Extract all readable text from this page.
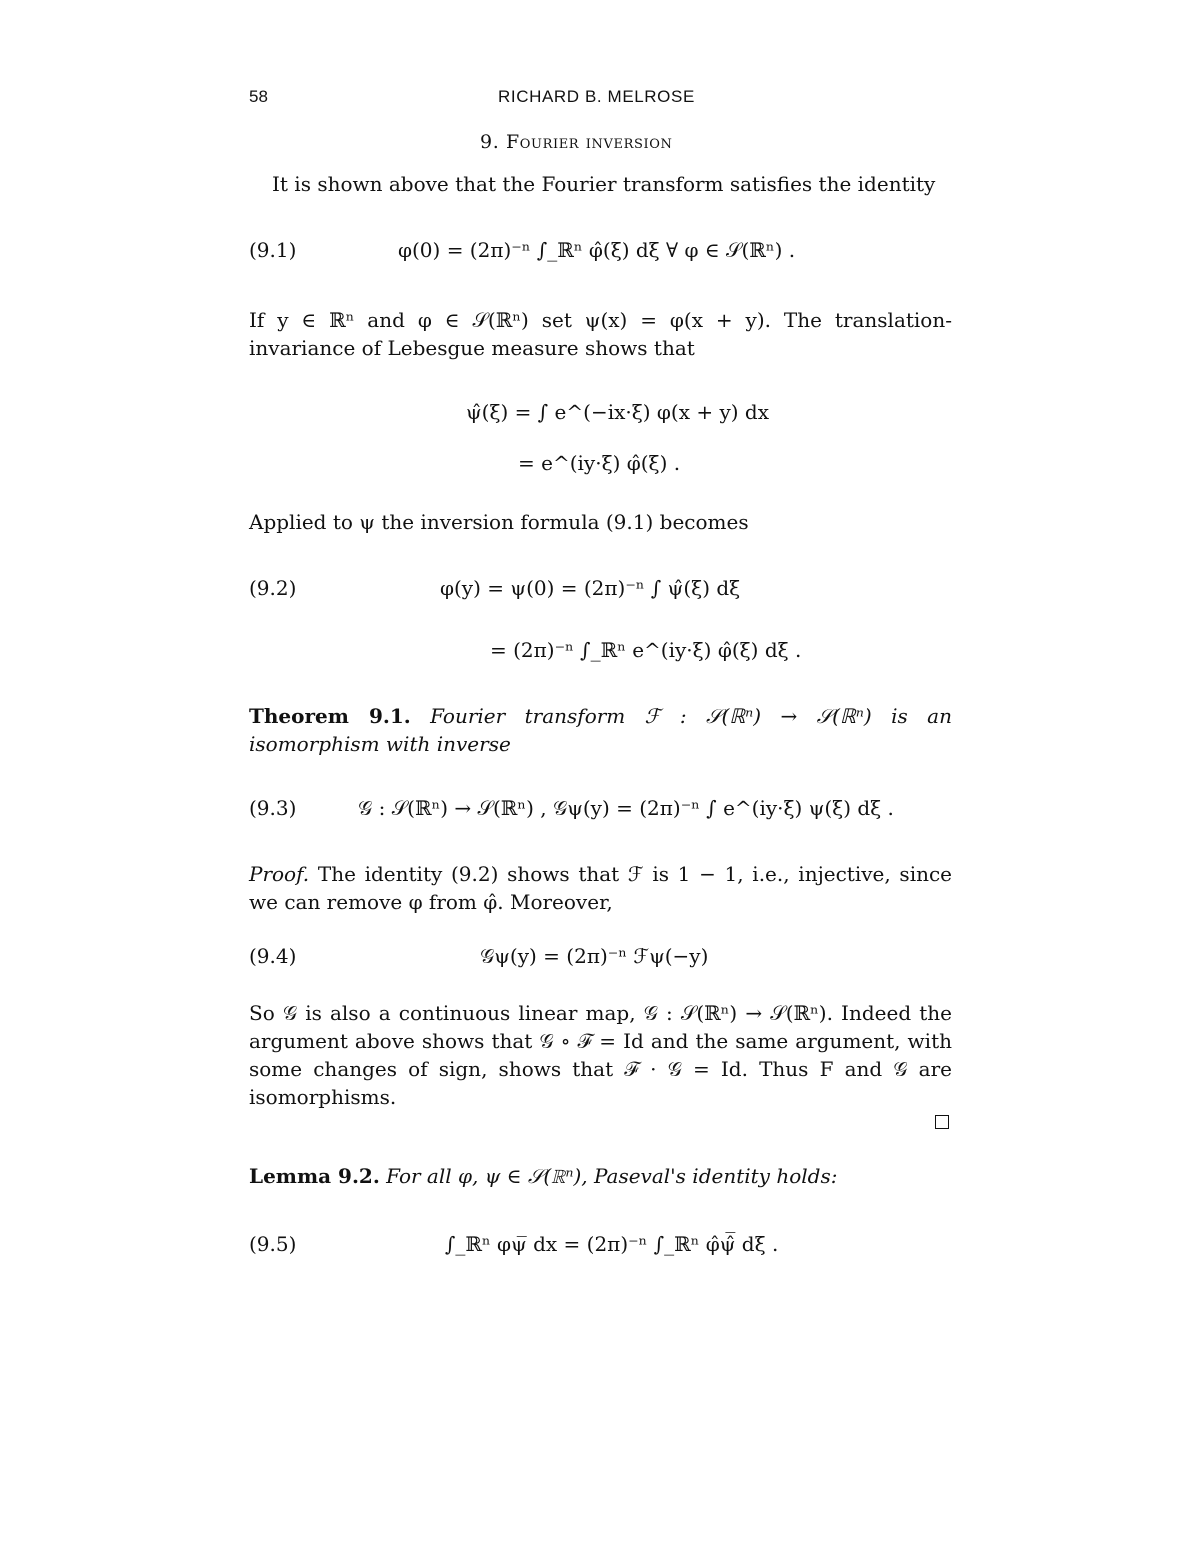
58	RICHARD B. MELROSE
9. Fourier inversion
It is shown above that the Fourier transform satisfies the identity
(9.1)	φ(0) = (2π)⁻ⁿ ∫_ℝⁿ φ̂(ξ) dξ ∀ φ ∈ 𝒮(ℝⁿ) .
If y ∈ ℝⁿ and φ ∈ 𝒮(ℝⁿ) set ψ(x) = φ(x + y). The translation-invariance of Lebesgue measure shows that
ψ̂(ξ) = ∫ e^(−ix·ξ) φ(x + y) dx
= e^(iy·ξ) φ̂(ξ) .
Applied to ψ the inversion formula (9.1) becomes
(9.2)	φ(y) = ψ(0) = (2π)⁻ⁿ ∫ ψ̂(ξ) dξ
= (2π)⁻ⁿ ∫_ℝⁿ e^(iy·ξ) φ̂(ξ) dξ .
Theorem 9.1. Fourier transform ℱ : 𝒮(ℝⁿ) → 𝒮(ℝⁿ) is an isomorphism with inverse
(9.3)	𝒢 : 𝒮(ℝⁿ) → 𝒮(ℝⁿ) , 𝒢ψ(y) = (2π)⁻ⁿ ∫ e^(iy·ξ) ψ(ξ) dξ .
Proof. The identity (9.2) shows that ℱ is 1 − 1, i.e., injective, since we can remove φ from φ̂. Moreover,
(9.4)	𝒢ψ(y) = (2π)⁻ⁿ ℱψ(−y)
So 𝒢 is also a continuous linear map, 𝒢 : 𝒮(ℝⁿ) → 𝒮(ℝⁿ). Indeed the argument above shows that 𝒢 ∘ ℱ = Id and the same argument, with some changes of sign, shows that ℱ · 𝒢 = Id. Thus F and 𝒢 are isomorphisms.
Lemma 9.2. For all φ, ψ ∈ 𝒮(ℝⁿ), Paseval's identity holds:
(9.5)	∫_ℝⁿ φψ̅ dx = (2π)⁻ⁿ ∫_ℝⁿ φ̂ψ̂̅ dξ .
